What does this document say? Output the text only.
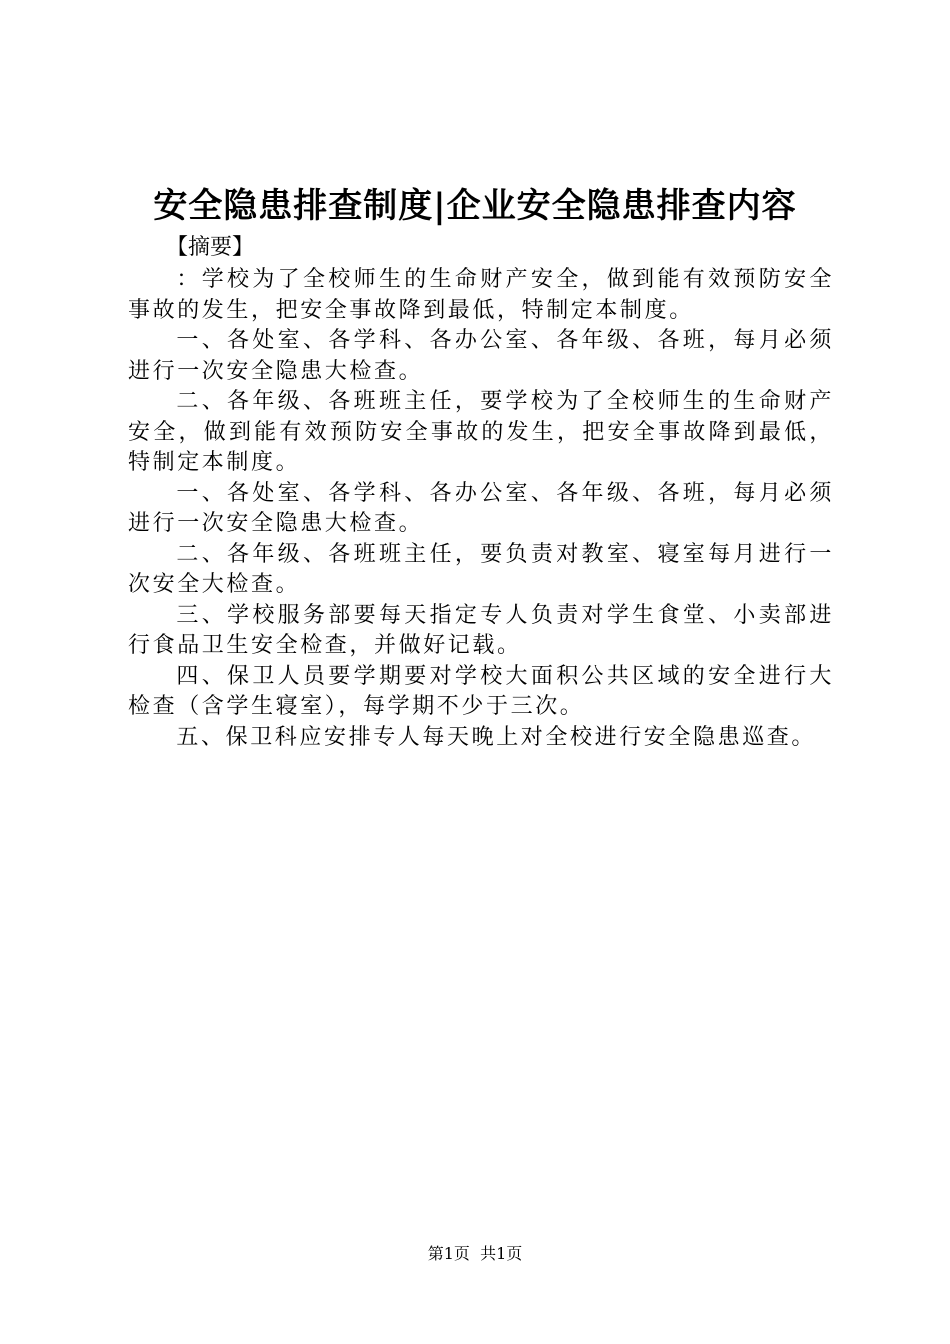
安全隐患排查制度|企业安全隐患排查内容
【摘要】

：学校为了全校师生的生命财产安全，做到能有效预防安全事故的发生，把安全事故降到最低，特制定本制度。

一、各处室、各学科、各办公室、各年级、各班，每月必须进行一次安全隐患大检查。

二、各年级、各班班主任，要学校为了全校师生的生命财产安全，做到能有效预防安全事故的发生，把安全事故降到最低，特制定本制度。

一、各处室、各学科、各办公室、各年级、各班，每月必须进行一次安全隐患大检查。

二、各年级、各班班主任，要负责对教室、寝室每月进行一次安全大检查。

三、学校服务部要每天指定专人负责对学生食堂、小卖部进行食品卫生安全检查，并做好记载。

四、保卫人员要学期要对学校大面积公共区域的安全进行大检查（含学生寝室），每学期不少于三次。

五、保卫科应安排专人每天晚上对全校进行安全隐患巡查。

第1页  共1页
